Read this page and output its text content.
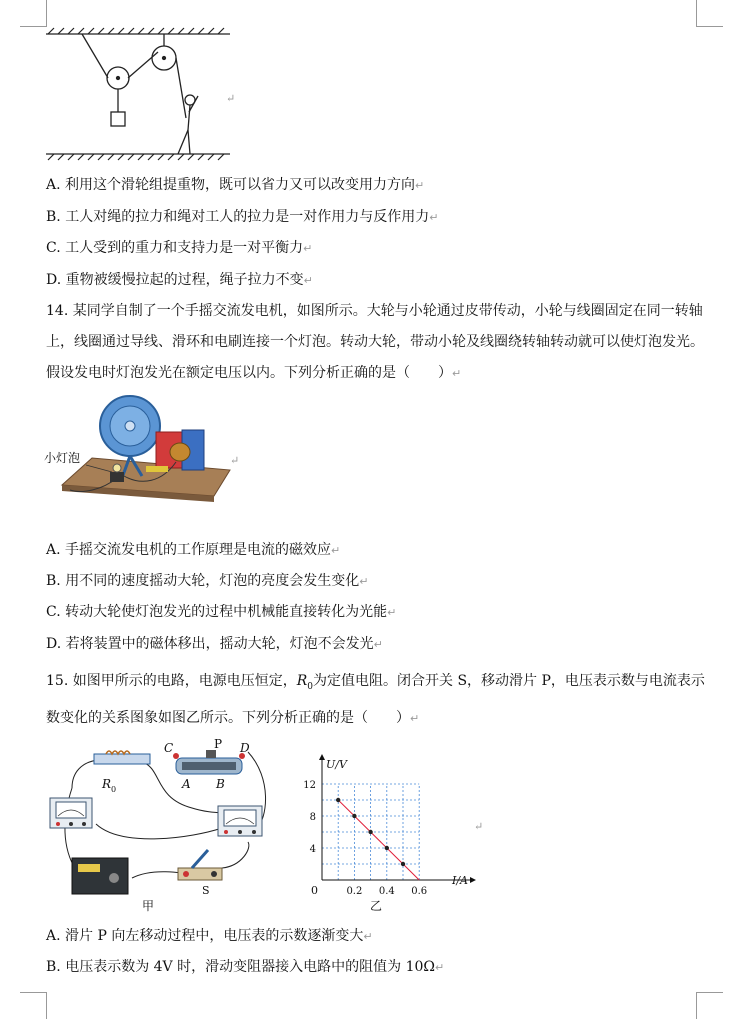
↵
A. 利用这个滑轮组提重物，既可以省力又可以改变用力方向↵
B. 工人对绳的拉力和绳对工人的拉力是一对作用力与反作用力↵
C. 工人受到的重力和支持力是一对平衡力↵
D. 重物被缓慢拉起的过程，绳子拉力不变↵
14. 某同学自制了一个手摇交流发电机，如图所示。大轮与小轮通过皮带传动，小轮与线圈固定在同一转轴上，线圈通过导线、滑环和电刷连接一个灯泡。转动大轮，带动小轮及线圈绕转轴转动就可以使灯泡发光。假设发电时灯泡发光在额定电压以内。下列分析正确的是（　　）↵
小灯泡	↵
A. 手摇交流发电机的工作原理是电流的磁效应↵
B. 用不同的速度摇动大轮，灯泡的亮度会发生变化↵
C. 转动大轮使灯泡发光的过程中机械能直接转化为光能↵
D. 若将装置中的磁体移出，摇动大轮，灯泡不会发光↵
15. 如图甲所示的电路，电源电压恒定，$R_0$为定值电阻。闭合开关 S，移动滑片 P，电压表示数与电流表示数变化的关系图象如图乙所示。下列分析正确的是（　　）↵
R 0
C	P D
A B
S
甲
U/V
I/A
0	0.2 0.4 0.6
4
8
12
乙
↵
A. 滑片 P 向左移动过程中，电压表的示数逐渐变大↵
B. 电压表示数为 4V 时，滑动变阻器接入电路中的阻值为 10Ω↵
